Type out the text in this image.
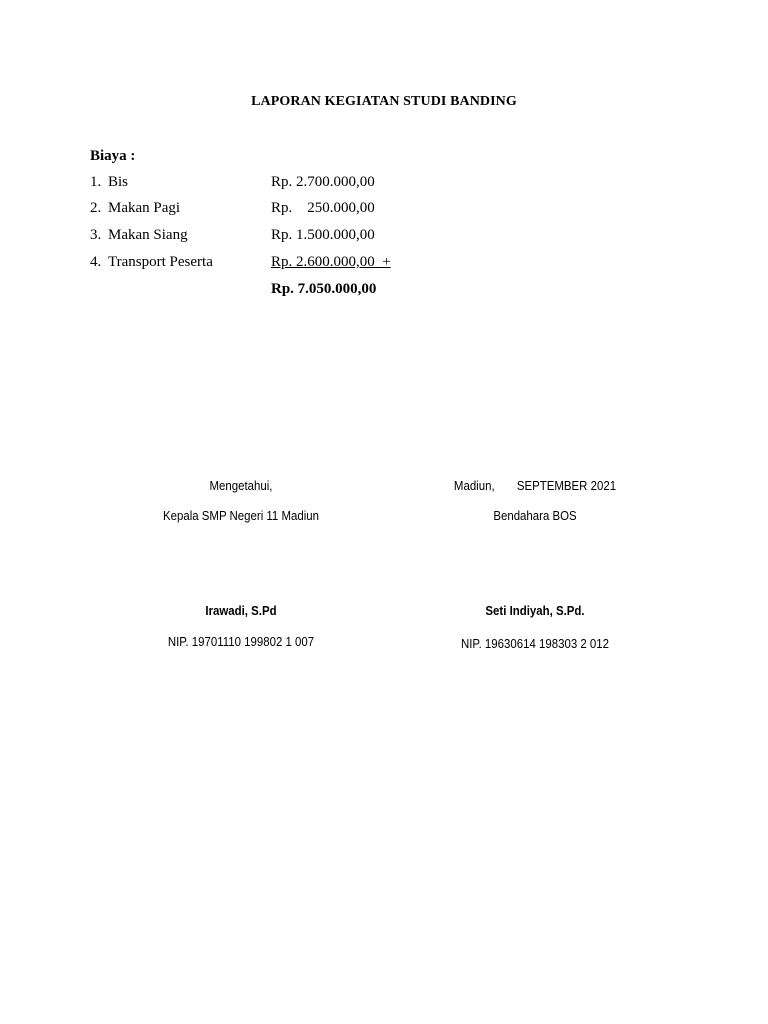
LAPORAN KEGIATAN STUDI BANDING
Biaya :
1. Bis	Rp. 2.700.000,00
2. Makan Pagi	Rp.    250.000,00
3. Makan Siang	Rp. 1.500.000,00
4. Transport Peserta	Rp. 2.600.000,00  +
Rp. 7.050.000,00
Mengetahui,
Kepala SMP Negeri 11 Madiun
Irawadi, S.Pd
NIP. 19701110 199802 1 007
Madiun,       SEPTEMBER 2021
Bendahara BOS
Seti Indiyah, S.Pd.
NIP. 19630614 198303 2 012
